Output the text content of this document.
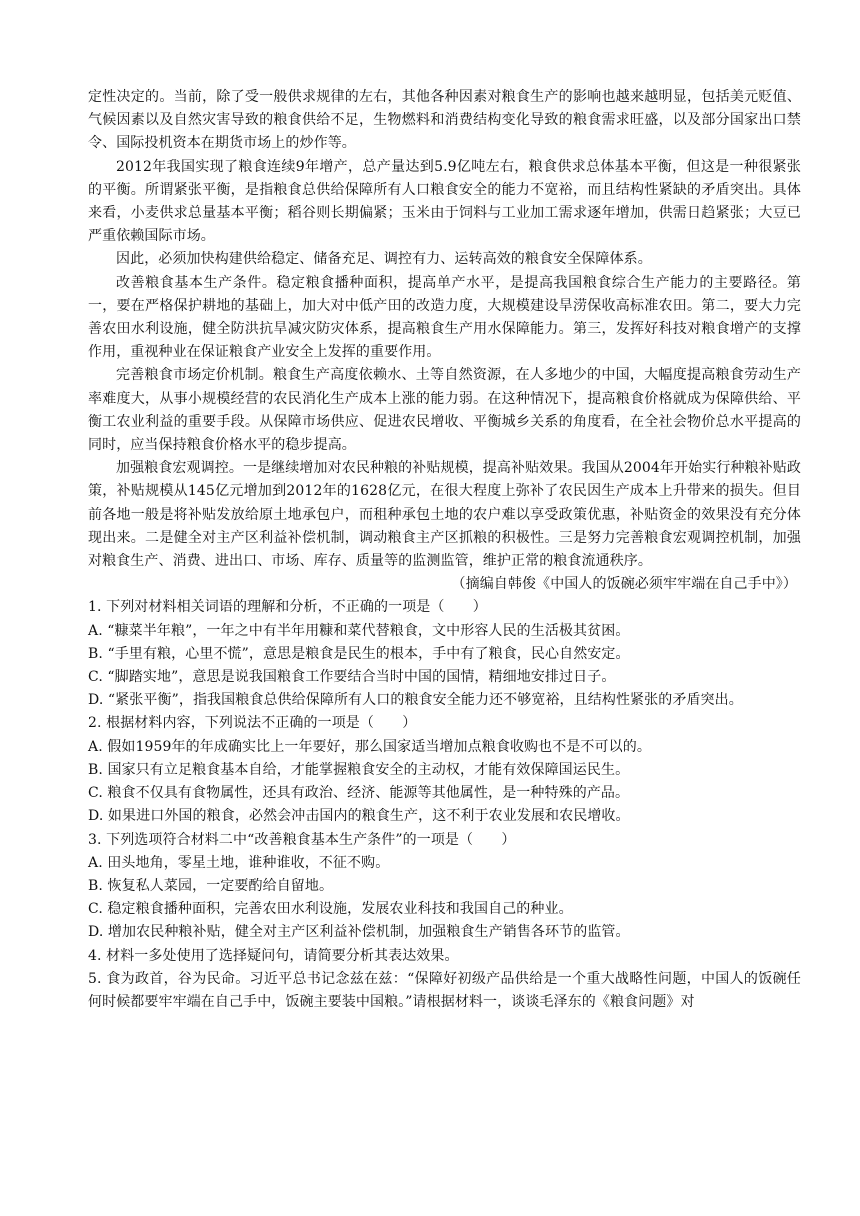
定性决定的。当前，除了受一般供求规律的左右，其他各种因素对粮食生产的影响也越来越明显，包括美元贬值、气候因素以及自然灾害导致的粮食供给不足，生物燃料和消费结构变化导致的粮食需求旺盛，以及部分国家出口禁令、国际投机资本在期货市场上的炒作等。

2012年我国实现了粮食连续9年增产，总产量达到5.9亿吨左右，粮食供求总体基本平衡，但这是一种很紧张的平衡。所谓紧张平衡，是指粮食总供给保障所有人口粮食安全的能力不宽裕，而且结构性紧缺的矛盾突出。具体来看，小麦供求总量基本平衡；稻谷则长期偏紧；玉米由于饲料与工业加工需求逐年增加，供需日趋紧张；大豆已严重依赖国际市场。

因此，必须加快构建供给稳定、储备充足、调控有力、运转高效的粮食安全保障体系。

改善粮食基本生产条件。稳定粮食播种面积，提高单产水平，是提高我国粮食综合生产能力的主要路径。第一，要在严格保护耕地的基础上，加大对中低产田的改造力度，大规模建设旱涝保收高标准农田。第二，要大力完善农田水利设施，健全防洪抗旱减灾防灾体系，提高粮食生产用水保障能力。第三，发挥好科技对粮食增产的支撑作用，重视种业在保证粮食产业安全上发挥的重要作用。

完善粮食市场定价机制。粮食生产高度依赖水、土等自然资源，在人多地少的中国，大幅度提高粮食劳动生产率难度大，从事小规模经营的农民消化生产成本上涨的能力弱。在这种情况下，提高粮食价格就成为保障供给、平衡工农业利益的重要手段。从保障市场供应、促进农民增收、平衡城乡关系的角度看，在全社会物价总水平提高的同时，应当保持粮食价格水平的稳步提高。

加强粮食宏观调控。一是继续增加对农民种粮的补贴规模，提高补贴效果。我国从2004年开始实行种粮补贴政策，补贴规模从145亿元增加到2012年的1628亿元，在很大程度上弥补了农民因生产成本上升带来的损失。但目前各地一般是将补贴发放给原土地承包户，而租种承包土地的农户难以享受政策优惠，补贴资金的效果没有充分体现出来。二是健全对主产区利益补偿机制，调动粮食主产区抓粮的积极性。三是努力完善粮食宏观调控机制，加强对粮食生产、消费、进出口、市场、库存、质量等的监测监管，维护正常的粮食流通秩序。

（摘编自韩俊《中国人的饭碗必须牢牢端在自己手中》）

1. 下列对材料相关词语的理解和分析，不正确的一项是（　　）

A. “糠菜半年粮”，一年之中有半年用糠和菜代替粮食，文中形容人民的生活极其贫困。

B. “手里有粮，心里不慌”，意思是粮食是民生的根本，手中有了粮食，民心自然安定。

C. “脚踏实地”，意思是说我国粮食工作要结合当时中国的国情，精细地安排过日子。

D. “紧张平衡”，指我国粮食总供给保障所有人口的粮食安全能力还不够宽裕，且结构性紧张的矛盾突出。

2. 根据材料内容，下列说法不正确的一项是（　　）

A. 假如1959年的年成确实比上一年要好，那么国家适当增加点粮食收购也不是不可以的。

B. 国家只有立足粮食基本自给，才能掌握粮食安全的主动权，才能有效保障国运民生。

C. 粮食不仅具有食物属性，还具有政治、经济、能源等其他属性，是一种特殊的产品。

D. 如果进口外国的粮食，必然会冲击国内的粮食生产，这不利于农业发展和农民增收。

3. 下列选项符合材料二中“改善粮食基本生产条件”的一项是（　　）

A. 田头地角，零星土地，谁种谁收，不征不购。

B. 恢复私人菜园，一定要酌给自留地。

C. 稳定粮食播种面积，完善农田水利设施，发展农业科技和我国自己的种业。

D. 增加农民种粮补贴，健全对主产区利益补偿机制，加强粮食生产销售各环节的监管。

4. 材料一多处使用了选择疑问句，请简要分析其表达效果。

5. 食为政首，谷为民命。习近平总书记念兹在兹：“保障好初级产品供给是一个重大战略性问题，中国人的饭碗任何时候都要牢牢端在自己手中，饭碗主要装中国粮。”请根据材料一，谈谈毛泽东的《粮食问题》对
